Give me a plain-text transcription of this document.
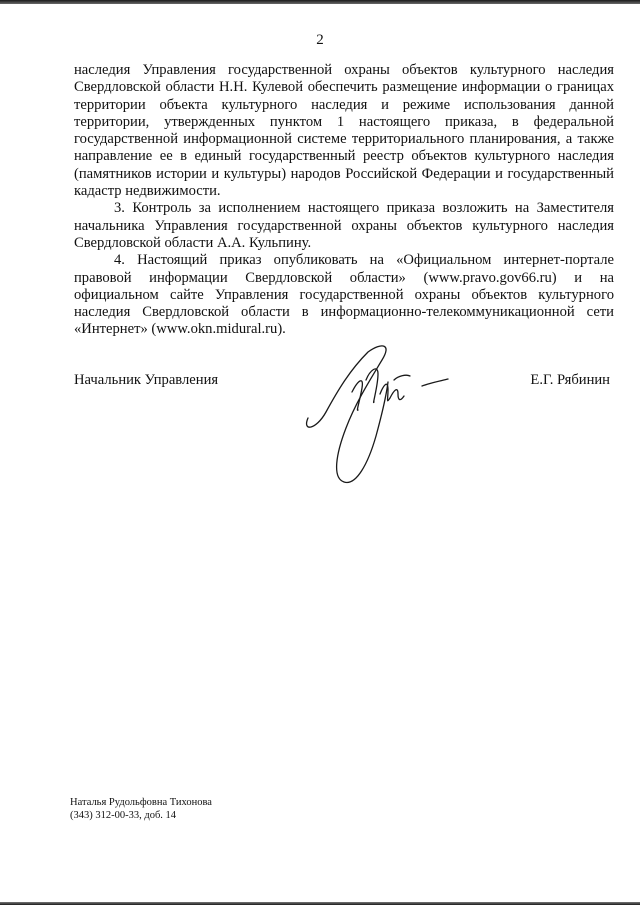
2

наследия Управления государственной охраны объектов культурного наследия Свердловской области Н.Н. Кулевой обеспечить размещение информации о границах территории объекта культурного наследия и режиме использования данной территории, утвержденных пунктом 1 настоящего приказа, в федеральной государственной информационной системе территориального планирования, а также направление ее в единый государственный реестр объектов культурного наследия (памятников истории и культуры) народов Российской Федерации и государственный кадастр недвижимости.

3. Контроль за исполнением настоящего приказа возложить на Заместителя начальника Управления государственной охраны объектов культурного наследия Свердловской области А.А. Кульпину.

4. Настоящий приказ опубликовать на «Официальном интернет-портале правовой информации Свердловской области» (www.pravo.gov66.ru) и на официальном сайте Управления государственной охраны объектов культурного наследия Свердловской области в информационно-телекоммуникационной сети «Интернет» (www.okn.midural.ru).

Начальник Управления	Е.Г. Рябинин
Наталья Рудольфовна Тихонова
(343) 312-00-33, доб. 14
